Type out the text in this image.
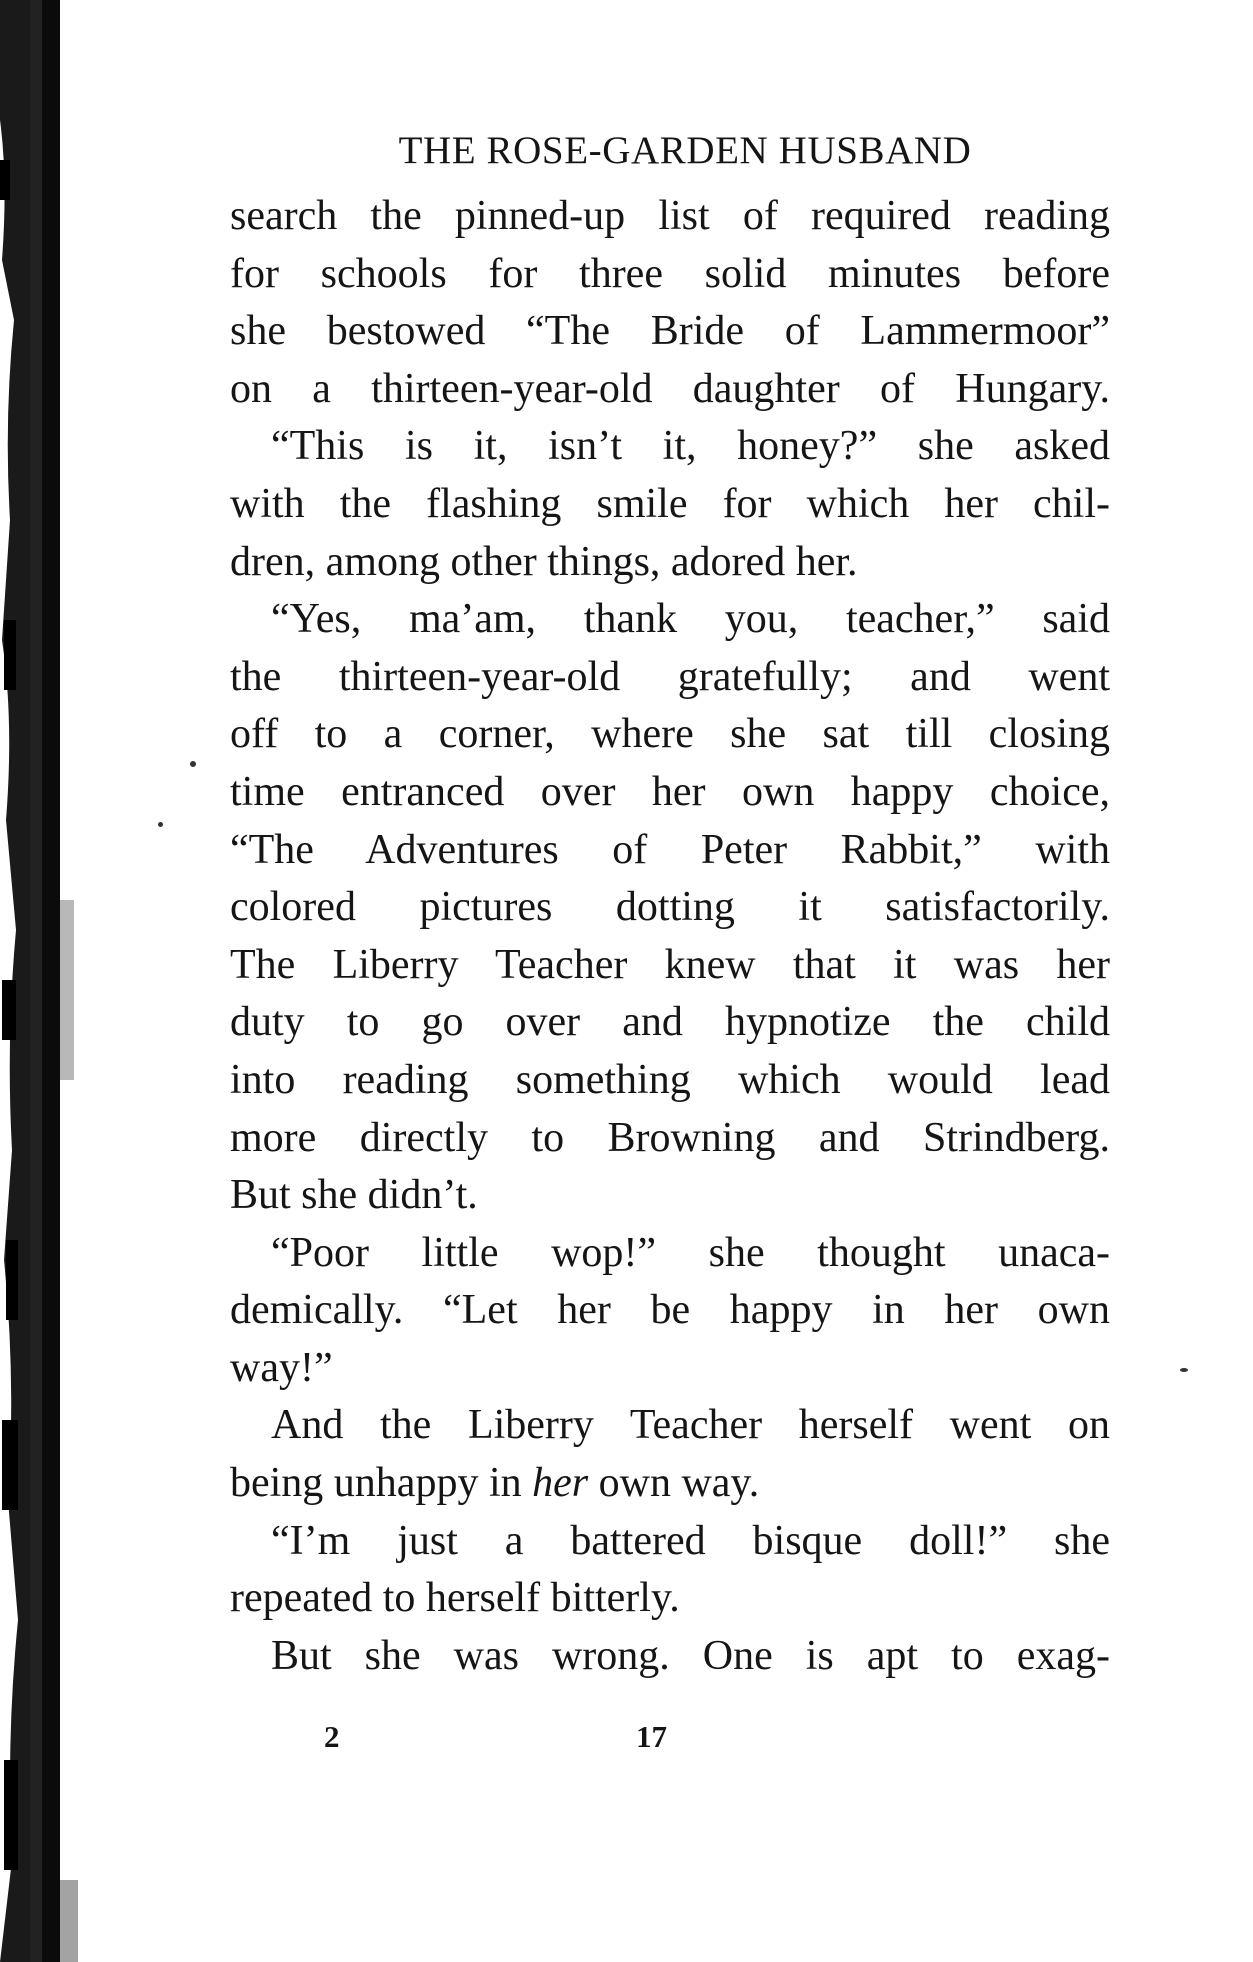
THE ROSE-GARDEN HUSBAND
search the pinned-up list of required reading
for schools for three solid minutes before
she bestowed “The Bride of Lammermoor”
on a thirteen-year-old daughter of Hungary.
“This is it, isn’t it, honey?” she asked
with the flashing smile for which her chil-
dren, among other things, adored her.
“Yes, ma’am, thank you, teacher,” said
the thirteen-year-old gratefully; and went
off to a corner, where she sat till closing
time entranced over her own happy choice,
“The Adventures of Peter Rabbit,” with
colored pictures dotting it satisfactorily.
The Liberry Teacher knew that it was her
duty to go over and hypnotize the child
into reading something which would lead
more directly to Browning and Strindberg.
But she didn’t.
“Poor little wop!” she thought unaca-
demically. “Let her be happy in her own
way!”
And the Liberry Teacher herself went on
being unhappy in her own way.
“I’m just a battered bisque doll!” she
repeated to herself bitterly.
But she was wrong. One is apt to exag-
2	17
